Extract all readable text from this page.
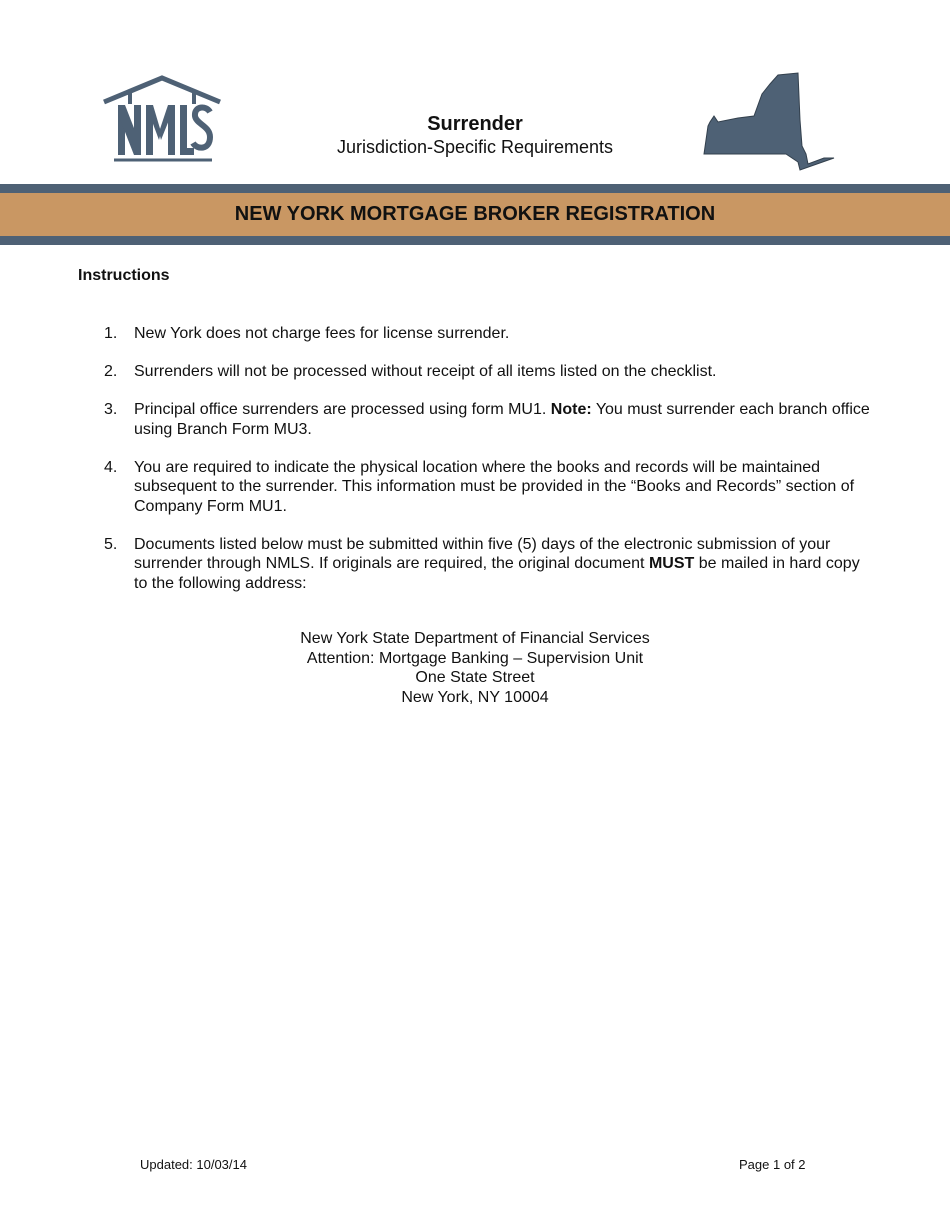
Surrender
Jurisdiction-Specific Requirements
NEW YORK MORTGAGE BROKER REGISTRATION
Instructions
1.	New York does not charge fees for license surrender.
2.	Surrenders will not be processed without receipt of all items listed on the checklist.
3.	Principal office surrenders are processed using form MU1. Note: You must surrender each branch office using Branch Form MU3.
4.	You are required to indicate the physical location where the books and records will be maintained subsequent to the surrender. This information must be provided in the “Books and Records” section of Company Form MU1.
5.	Documents listed below must be submitted within five (5) days of the electronic submission of your surrender through NMLS. If originals are required, the original document MUST be mailed in hard copy to the following address:
New York State Department of Financial Services
Attention: Mortgage Banking – Supervision Unit
One State Street
New York, NY 10004
Updated: 10/03/14	Page 1 of 2
